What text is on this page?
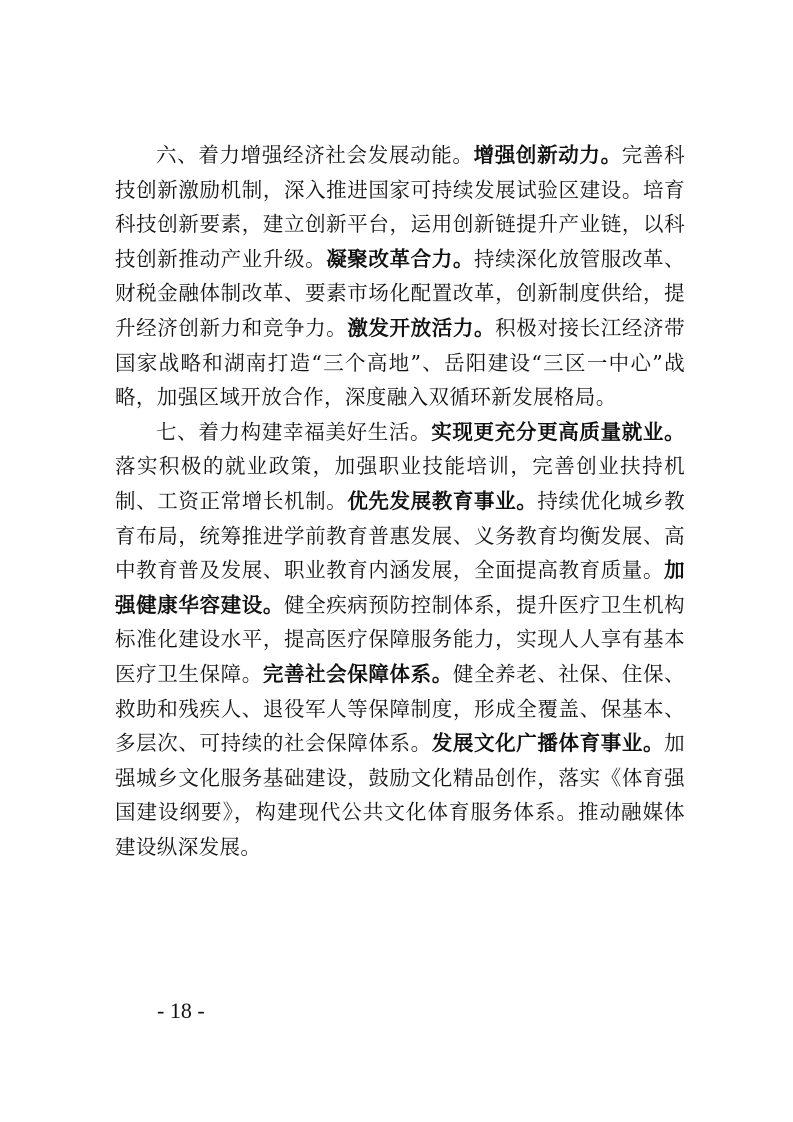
六、着力增强经济社会发展动能。增强创新动力。完善科技创新激励机制，深入推进国家可持续发展试验区建设。培育科技创新要素，建立创新平台，运用创新链提升产业链，以科技创新推动产业升级。凝聚改革合力。持续深化放管服改革、财税金融体制改革、要素市场化配置改革，创新制度供给，提升经济创新力和竞争力。激发开放活力。积极对接长江经济带国家战略和湖南打造“三个高地”、岳阳建设“三区一中心”战略，加强区域开放合作，深度融入双循环新发展格局。

七、着力构建幸福美好生活。实现更充分更高质量就业。落实积极的就业政策，加强职业技能培训，完善创业扶持机制、工资正常增长机制。优先发展教育事业。持续优化城乡教育布局，统筹推进学前教育普惠发展、义务教育均衡发展、高中教育普及发展、职业教育内涵发展，全面提高教育质量。加强健康华容建设。健全疾病预防控制体系，提升医疗卫生机构标准化建设水平，提高医疗保障服务能力，实现人人享有基本医疗卫生保障。完善社会保障体系。健全养老、社保、住保、救助和残疾人、退役军人等保障制度，形成全覆盖、保基本、多层次、可持续的社会保障体系。发展文化广播体育事业。加强城乡文化服务基础建设，鼓励文化精品创作，落实《体育强国建设纲要》，构建现代公共文化体育服务体系。推动融媒体建设纵深发展。

- 18 -
